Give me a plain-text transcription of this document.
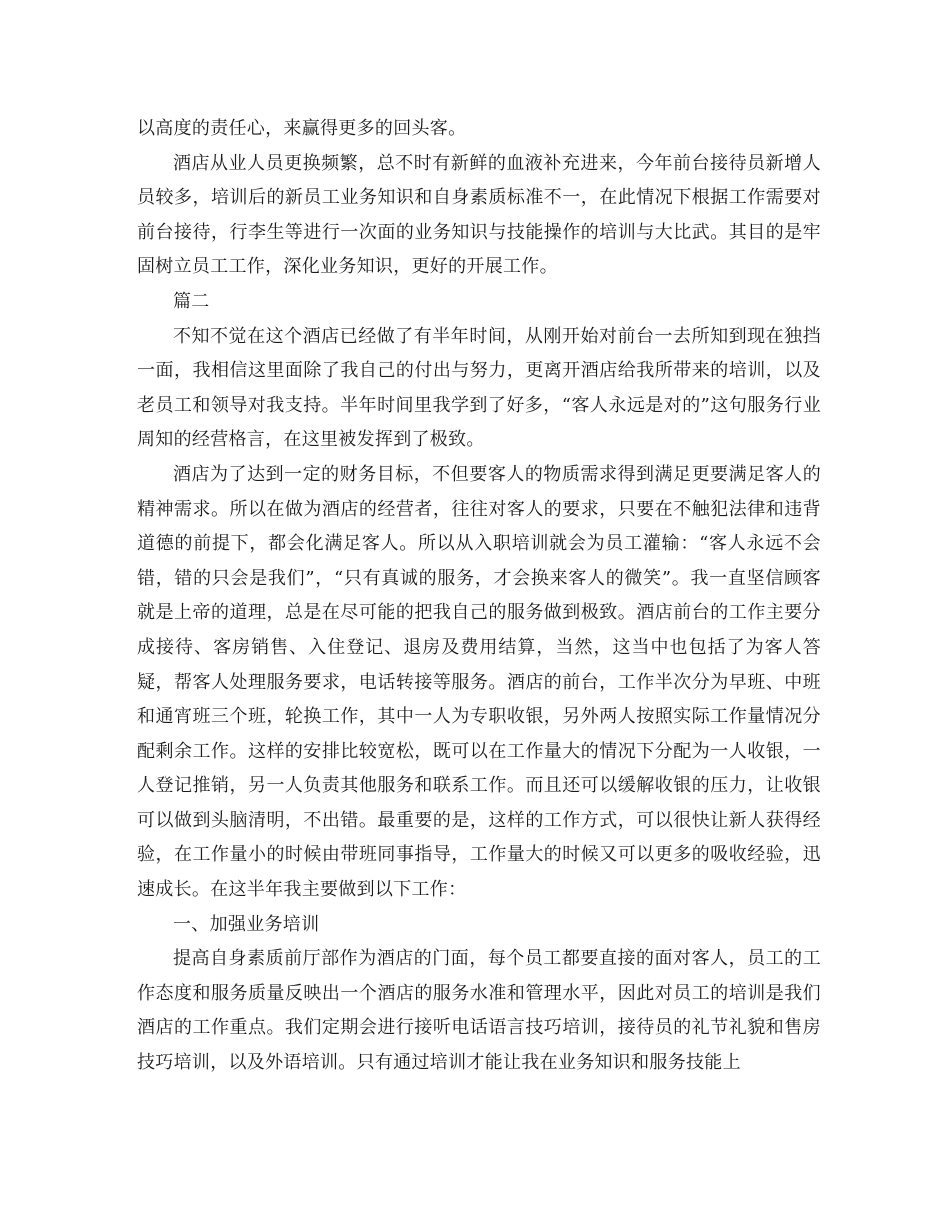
以高度的责任心，来赢得更多的回头客。

酒店从业人员更换频繁，总不时有新鲜的血液补充进来，今年前台接待员新增人员较多，培训后的新员工业务知识和自身素质标准不一，在此情况下根据工作需要对前台接待，行李生等进行一次面的业务知识与技能操作的培训与大比武。其目的是牢固树立员工工作，深化业务知识，更好的开展工作。

篇二

不知不觉在这个酒店已经做了有半年时间，从刚开始对前台一去所知到现在独挡一面，我相信这里面除了我自己的付出与努力，更离开酒店给我所带来的培训，以及老员工和领导对我支持。半年时间里我学到了好多，“客人永远是对的”这句服务行业周知的经营格言，在这里被发挥到了极致。

酒店为了达到一定的财务目标，不但要客人的物质需求得到满足更要满足客人的精神需求。所以在做为酒店的经营者，往往对客人的要求，只要在不触犯法律和违背道德的前提下，都会化满足客人。所以从入职培训就会为员工灌输：“客人永远不会错，错的只会是我们”，“只有真诚的服务，才会换来客人的微笑”。我一直坚信顾客就是上帝的道理，总是在尽可能的把我自己的服务做到极致。酒店前台的工作主要分成接待、客房销售、入住登记、退房及费用结算，当然，这当中也包括了为客人答疑，帮客人处理服务要求，电话转接等服务。酒店的前台，工作半次分为早班、中班和通宵班三个班，轮换工作，其中一人为专职收银，另外两人按照实际工作量情况分配剩余工作。这样的安排比较宽松，既可以在工作量大的情况下分配为一人收银，一人登记推销，另一人负责其他服务和联系工作。而且还可以缓解收银的压力，让收银可以做到头脑清明，不出错。最重要的是，这样的工作方式，可以很快让新人获得经验，在工作量小的时候由带班同事指导，工作量大的时候又可以更多的吸收经验，迅速成长。在这半年我主要做到以下工作：

一、加强业务培训

提高自身素质前厅部作为酒店的门面，每个员工都要直接的面对客人，员工的工作态度和服务质量反映出一个酒店的服务水准和管理水平，因此对员工的培训是我们酒店的工作重点。我们定期会进行接听电话语言技巧培训，接待员的礼节礼貌和售房技巧培训，以及外语培训。只有通过培训才能让我在业务知识和服务技能上
